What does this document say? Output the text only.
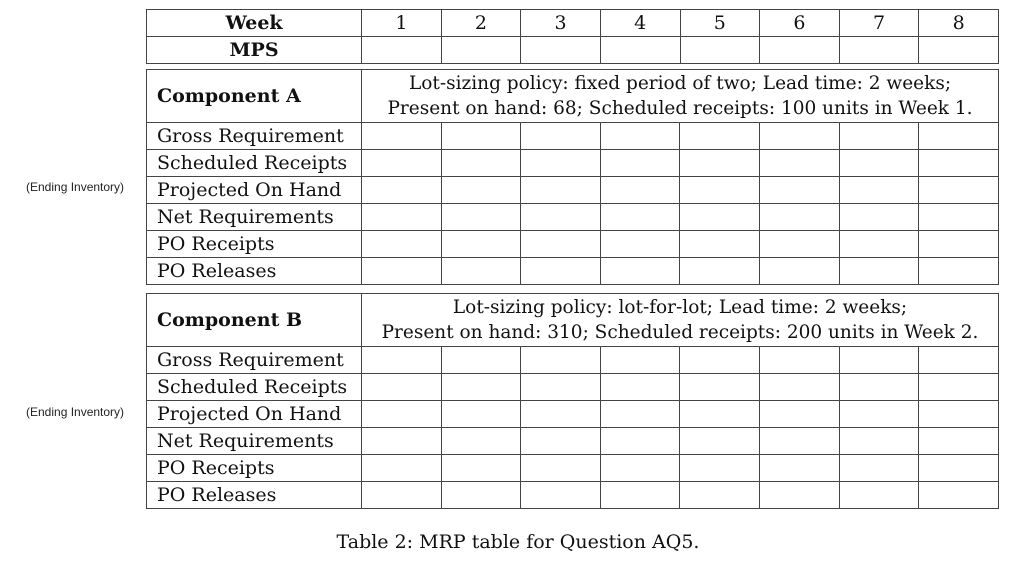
(Ending Inventory)
(Ending Inventory)
Week	1	2	3	4	5	6	7	8
MPS								
Component A	Lot-sizing policy: fixed period of two; Lead time: 2 weeks;
Present on hand: 68; Scheduled receipts: 100 units in Week 1.							

Gross Requirement								
Scheduled Receipts								
Projected On Hand								
Net Requirements								
PO Receipts								
PO Releases								
Component B	Lot-sizing policy: lot-for-lot; Lead time: 2 weeks;
Present on hand: 310; Scheduled receipts: 200 units in Week 2.							

Gross Requirement								
Scheduled Receipts								
Projected On Hand								
Net Requirements								
PO Receipts								
PO Releases								
Table 2: MRP table for Question AQ5.
